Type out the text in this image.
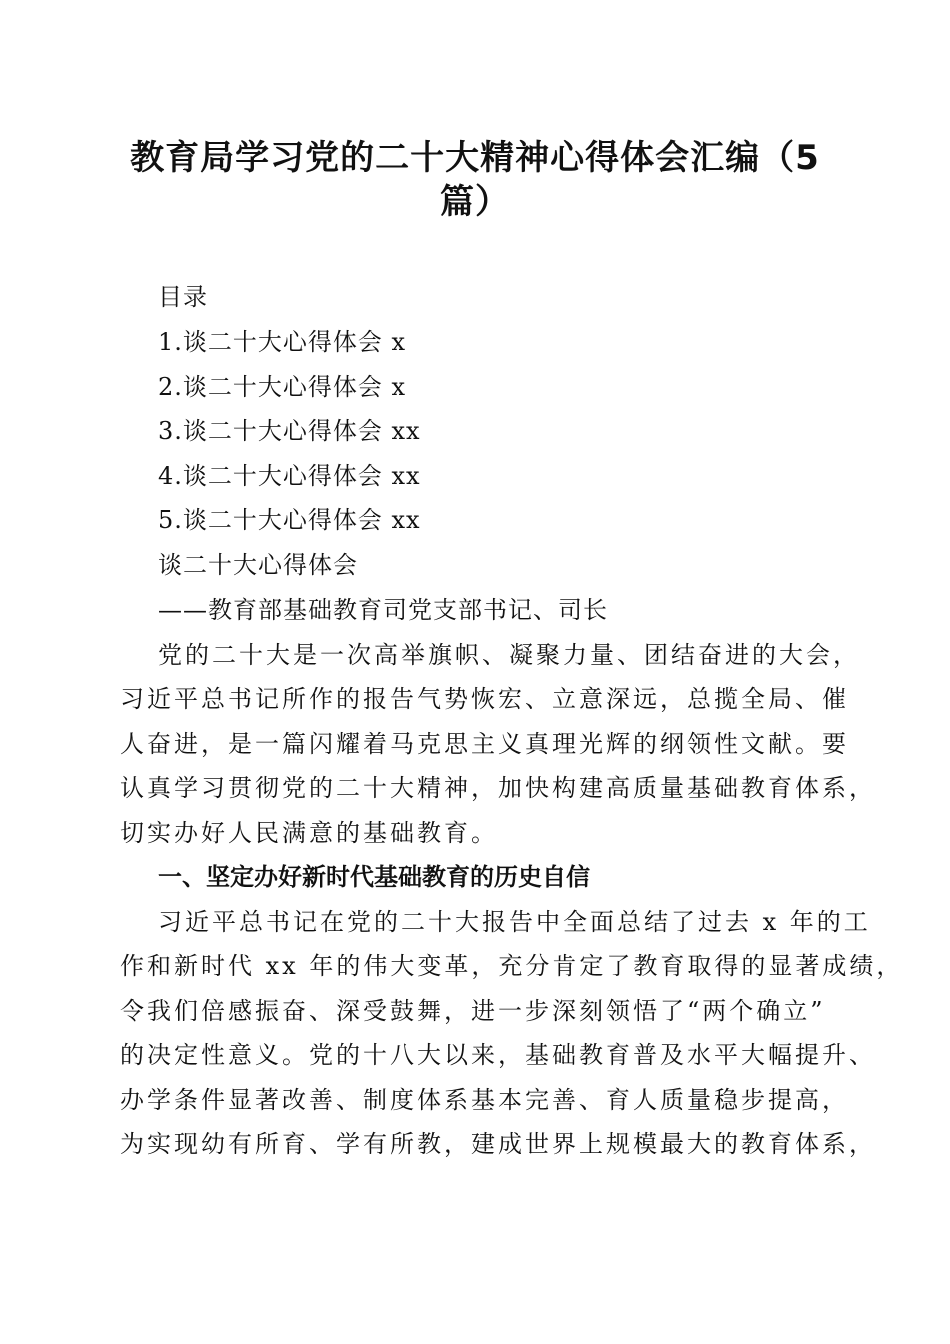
教育局学习党的二十大精神心得体会汇编（5篇）
目录
1.谈二十大心得体会 x
2.谈二十大心得体会 x
3.谈二十大心得体会 xx
4.谈二十大心得体会 xx
5.谈二十大心得体会 xx
谈二十大心得体会
——教育部基础教育司党支部书记、司长
党的二十大是一次高举旗帜、凝聚力量、团结奋进的大会，
习近平总书记所作的报告气势恢宏、立意深远，总揽全局、催
人奋进，是一篇闪耀着马克思主义真理光辉的纲领性文献。要
认真学习贯彻党的二十大精神，加快构建高质量基础教育体系，
切实办好人民满意的基础教育。
一、坚定办好新时代基础教育的历史自信
习近平总书记在党的二十大报告中全面总结了过去 x 年的工
作和新时代 xx 年的伟大变革，充分肯定了教育取得的显著成绩，
令我们倍感振奋、深受鼓舞，进一步深刻领悟了“两个确立”
的决定性意义。党的十八大以来，基础教育普及水平大幅提升、
办学条件显著改善、制度体系基本完善、育人质量稳步提高，
为实现幼有所育、学有所教，建成世界上规模最大的教育体系，
